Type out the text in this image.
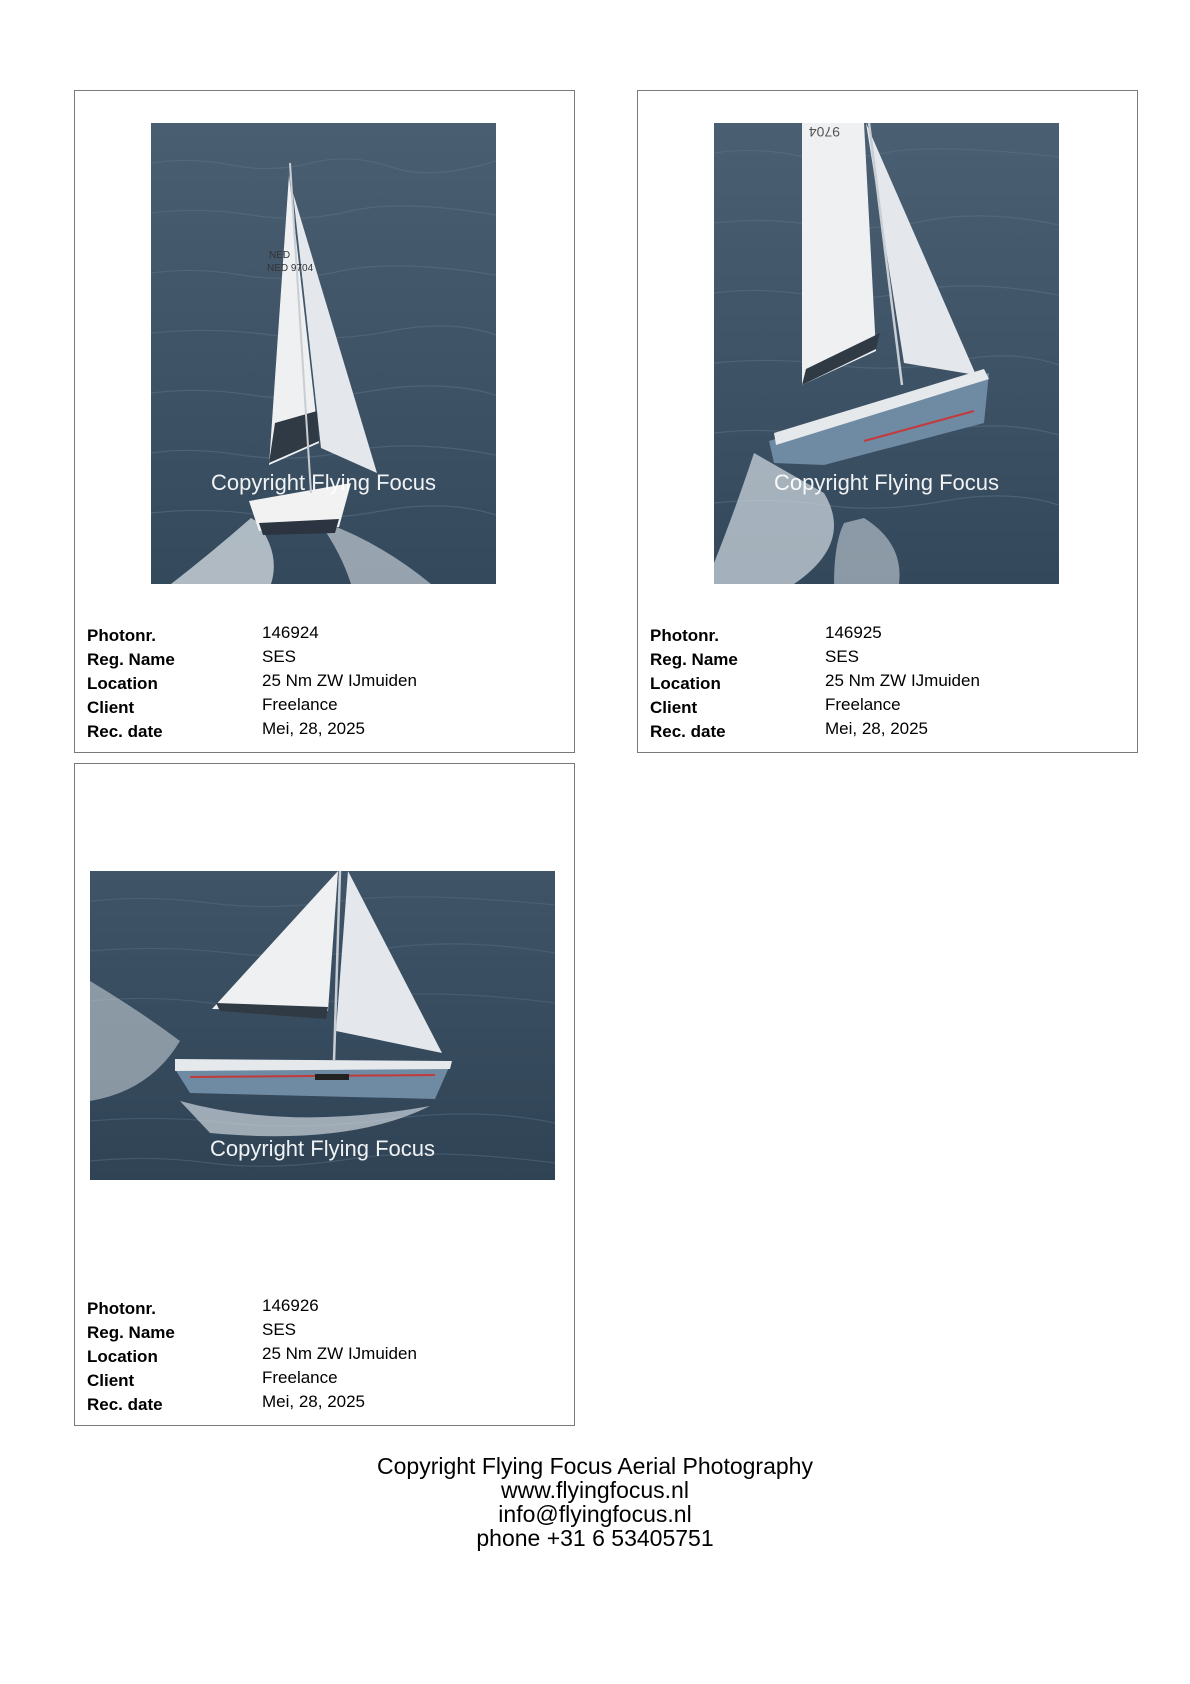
NED
NED 9704
Copyright Flying Focus
Photonr.	146924
Reg. Name	SES
Location	25 Nm ZW IJmuiden
Client	Freelance
Rec. date	Mei, 28, 2025
9704
Copyright Flying Focus
Photonr.	146925
Reg. Name	SES
Location	25 Nm ZW IJmuiden
Client	Freelance
Rec. date	Mei, 28, 2025
Copyright Flying Focus
Photonr.	146926
Reg. Name	SES
Location	25 Nm ZW IJmuiden
Client	Freelance
Rec. date	Mei, 28, 2025
Copyright Flying Focus Aerial Photography
www.flyingfocus.nl
info@flyingfocus.nl
phone +31 6 53405751
